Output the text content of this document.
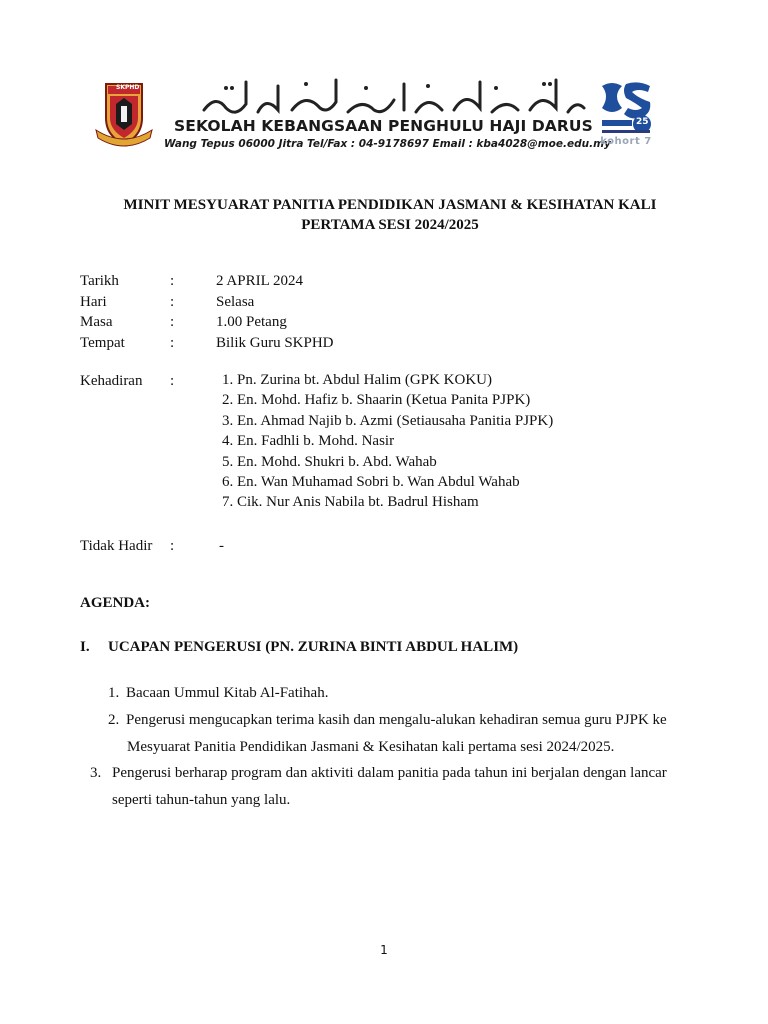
SKPHD
SEKOLAH KEBANGSAAN PENGHULU HAJI DARUS
Wang Tepus 06000 Jitra Tel/Fax : 04-9178697 Email : kba4028@moe.edu.my
25
kohort 7
MINIT MESYUARAT PANITIA PENDIDIKAN JASMANI & KESIHATAN KALI
PERTAMA SESI 2024/2025
Tarikh	:	2 APRIL 2024
Hari	:	Selasa
Masa	:	1.00 Petang
Tempat	:	Bilik Guru SKPHD
Kehadiran :	1. Pn. Zurina bt. Abdul Halim (GPK KOKU)
2. En. Mohd. Hafiz b. Shaarin (Ketua Panita PJPK)
3. En. Ahmad Najib b. Azmi (Setiausaha Panitia PJPK)
4. En. Fadhli b. Mohd. Nasir
5. En. Mohd. Shukri b. Abd. Wahab
6. En. Wan Muhamad Sobri b. Wan Abdul Wahab
7. Cik. Nur Anis Nabila bt. Badrul Hisham
Tidak Hadir :	-
AGENDA:
I. UCAPAN PENGERUSI (PN. ZURINA BINTI ABDUL HALIM)
1. Bacaan Ummul Kitab Al-Fatihah.
2. Pengerusi mengucapkan terima kasih dan mengalu-alukan kehadiran semua guru PJPK ke
Mesyuarat Panitia Pendidikan Jasmani & Kesihatan kali pertama sesi 2024/2025.
3. Pengerusi berharap program dan aktiviti dalam panitia pada tahun ini berjalan dengan lancar
seperti tahun-tahun yang lalu.
1
